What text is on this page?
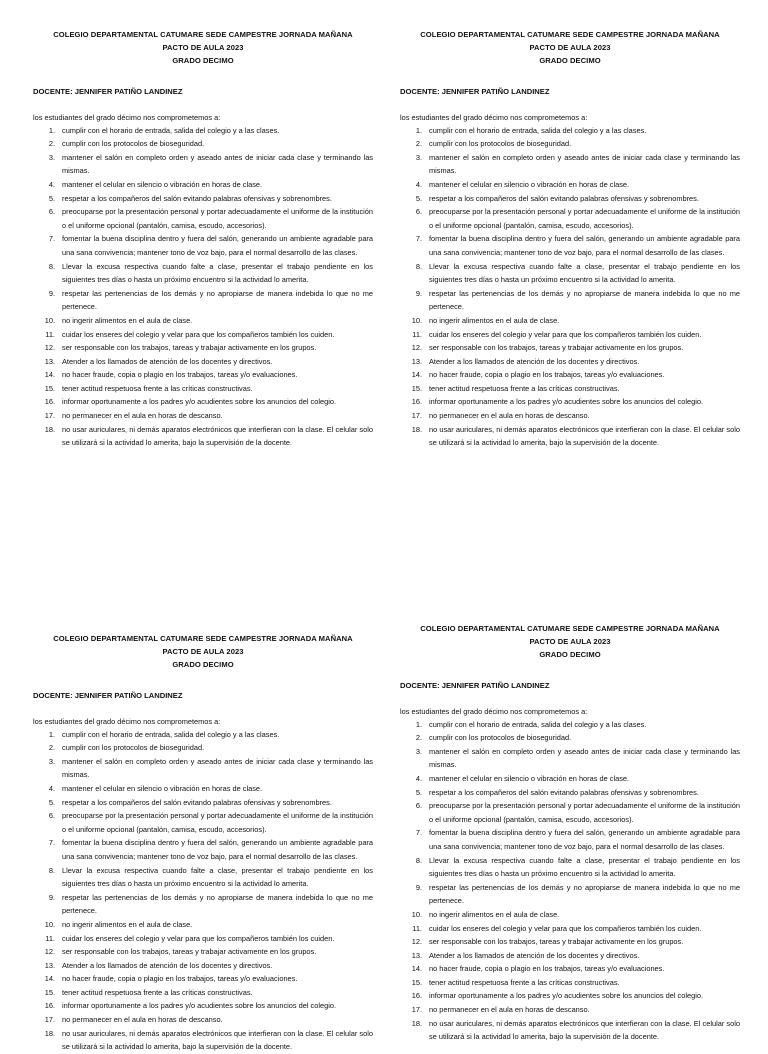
COLEGIO DEPARTAMENTAL CATUMARE SEDE CAMPESTRE JORNADA MAÑANA
PACTO DE AULA 2023
GRADO DECIMO
DOCENTE: JENNIFER PATIÑO LANDINEZ
los estudiantes del grado décimo nos comprometemos a:
1. cumplir con el horario de entrada, salida del colegio y a las clases.
2. cumplir con los protocolos de bioseguridad.
3. mantener el salón en completo orden y aseado antes de iniciar cada clase y terminando las mismas.
4. mantener el celular en silencio o vibración en horas de clase.
5. respetar a los compañeros del salón evitando palabras ofensivas y sobrenombres.
6. preocuparse por la presentación personal y portar adecuadamente el uniforme de la institución o el uniforme opcional (pantalón, camisa, escudo, accesorios).
7. fomentar la buena disciplina dentro y fuera del salón, generando un ambiente agradable para una sana convivencia; mantener tono de voz bajo, para el normal desarrollo de las clases.
8. Llevar la excusa respectiva cuando falte a clase, presentar el trabajo pendiente en los siguientes tres días o hasta un próximo encuentro si la actividad lo amerita.
9. respetar las pertenencias de los demás y no apropiarse de manera indebida lo que no me pertenece.
10. no ingerir alimentos en el aula de clase.
11. cuidar los enseres del colegio y velar para que los compañeros también los cuiden.
12. ser responsable con los trabajos, tareas y trabajar activamente en los grupos.
13. Atender a los llamados de atención de los docentes y directivos.
14. no hacer fraude, copia o plagio en los trabajos, tareas y/o evaluaciones.
15. tener actitud respetuosa frente a las críticas constructivas.
16. informar oportunamente a los padres y/o acudientes sobre los anuncios del colegio.
17. no permanecer en el aula en horas de descanso.
18. no usar auriculares, ni demás aparatos electrónicos que interfieran con la clase. El celular solo se utilizará si la actividad lo amerita, bajo la supervisión de la docente.
COLEGIO DEPARTAMENTAL CATUMARE SEDE CAMPESTRE JORNADA MAÑANA
PACTO DE AULA 2023
GRADO DECIMO
DOCENTE: JENNIFER PATIÑO LANDINEZ
los estudiantes del grado décimo nos comprometemos a:
1. cumplir con el horario de entrada, salida del colegio y a las clases.
2. cumplir con los protocolos de bioseguridad.
3. mantener el salón en completo orden y aseado antes de iniciar cada clase y terminando las mismas.
4. mantener el celular en silencio o vibración en horas de clase.
5. respetar a los compañeros del salón evitando palabras ofensivas y sobrenombres.
6. preocuparse por la presentación personal y portar adecuadamente el uniforme de la institución o el uniforme opcional (pantalón, camisa, escudo, accesorios).
7. fomentar la buena disciplina dentro y fuera del salón, generando un ambiente agradable para una sana convivencia; mantener tono de voz bajo, para el normal desarrollo de las clases.
8. Llevar la excusa respectiva cuando falte a clase, presentar el trabajo pendiente en los siguientes tres días o hasta un próximo encuentro si la actividad lo amerita.
9. respetar las pertenencias de los demás y no apropiarse de manera indebida lo que no me pertenece.
10. no ingerir alimentos en el aula de clase.
11. cuidar los enseres del colegio y velar para que los compañeros también los cuiden.
12. ser responsable con los trabajos, tareas y trabajar activamente en los grupos.
13. Atender a los llamados de atención de los docentes y directivos.
14. no hacer fraude, copia o plagio en los trabajos, tareas y/o evaluaciones.
15. tener actitud respetuosa frente a las críticas constructivas.
16. informar oportunamente a los padres y/o acudientes sobre los anuncios del colegio.
17. no permanecer en el aula en horas de descanso.
18. no usar auriculares, ni demás aparatos electrónicos que interfieran con la clase. El celular solo se utilizará si la actividad lo amerita, bajo la supervisión de la docente.
COLEGIO DEPARTAMENTAL CATUMARE SEDE CAMPESTRE JORNADA MAÑANA
PACTO DE AULA 2023
GRADO DECIMO
DOCENTE: JENNIFER PATIÑO LANDINEZ
los estudiantes del grado décimo nos comprometemos a:
1. cumplir con el horario de entrada, salida del colegio y a las clases.
2. cumplir con los protocolos de bioseguridad.
3. mantener el salón en completo orden y aseado antes de iniciar cada clase y terminando las mismas.
4. mantener el celular en silencio o vibración en horas de clase.
5. respetar a los compañeros del salón evitando palabras ofensivas y sobrenombres.
6. preocuparse por la presentación personal y portar adecuadamente el uniforme de la institución o el uniforme opcional (pantalón, camisa, escudo, accesorios).
7. fomentar la buena disciplina dentro y fuera del salón, generando un ambiente agradable para una sana convivencia; mantener tono de voz bajo, para el normal desarrollo de las clases.
8. Llevar la excusa respectiva cuando falte a clase, presentar el trabajo pendiente en los siguientes tres días o hasta un próximo encuentro si la actividad lo amerita.
9. respetar las pertenencias de los demás y no apropiarse de manera indebida lo que no me pertenece.
10. no ingerir alimentos en el aula de clase.
11. cuidar los enseres del colegio y velar para que los compañeros también los cuiden.
12. ser responsable con los trabajos, tareas y trabajar activamente en los grupos.
13. Atender a los llamados de atención de los docentes y directivos.
14. no hacer fraude, copia o plagio en los trabajos, tareas y/o evaluaciones.
15. tener actitud respetuosa frente a las críticas constructivas.
16. informar oportunamente a los padres y/o acudientes sobre los anuncios del colegio.
17. no permanecer en el aula en horas de descanso.
18. no usar auriculares, ni demás aparatos electrónicos que interfieran con la clase. El celular solo se utilizará si la actividad lo amerita, bajo la supervisión de la docente.
COLEGIO DEPARTAMENTAL CATUMARE SEDE CAMPESTRE JORNADA MAÑANA
PACTO DE AULA 2023
GRADO DECIMO
DOCENTE: JENNIFER PATIÑO LANDINEZ
los estudiantes del grado décimo nos comprometemos a:
1. cumplir con el horario de entrada, salida del colegio y a las clases.
2. cumplir con los protocolos de bioseguridad.
3. mantener el salón en completo orden y aseado antes de iniciar cada clase y terminando las mismas.
4. mantener el celular en silencio o vibración en horas de clase.
5. respetar a los compañeros del salón evitando palabras ofensivas y sobrenombres.
6. preocuparse por la presentación personal y portar adecuadamente el uniforme de la institución o el uniforme opcional (pantalón, camisa, escudo, accesorios).
7. fomentar la buena disciplina dentro y fuera del salón, generando un ambiente agradable para una sana convivencia; mantener tono de voz bajo, para el normal desarrollo de las clases.
8. Llevar la excusa respectiva cuando falte a clase, presentar el trabajo pendiente en los siguientes tres días o hasta un próximo encuentro si la actividad lo amerita.
9. respetar las pertenencias de los demás y no apropiarse de manera indebida lo que no me pertenece.
10. no ingerir alimentos en el aula de clase.
11. cuidar los enseres del colegio y velar para que los compañeros también los cuiden.
12. ser responsable con los trabajos, tareas y trabajar activamente en los grupos.
13. Atender a los llamados de atención de los docentes y directivos.
14. no hacer fraude, copia o plagio en los trabajos, tareas y/o evaluaciones.
15. tener actitud respetuosa frente a las críticas constructivas.
16. informar oportunamente a los padres y/o acudientes sobre los anuncios del colegio.
17. no permanecer en el aula en horas de descanso.
18. no usar auriculares, ni demás aparatos electrónicos que interfieran con la clase. El celular solo se utilizará si la actividad lo amerita, bajo la supervisión de la docente.
